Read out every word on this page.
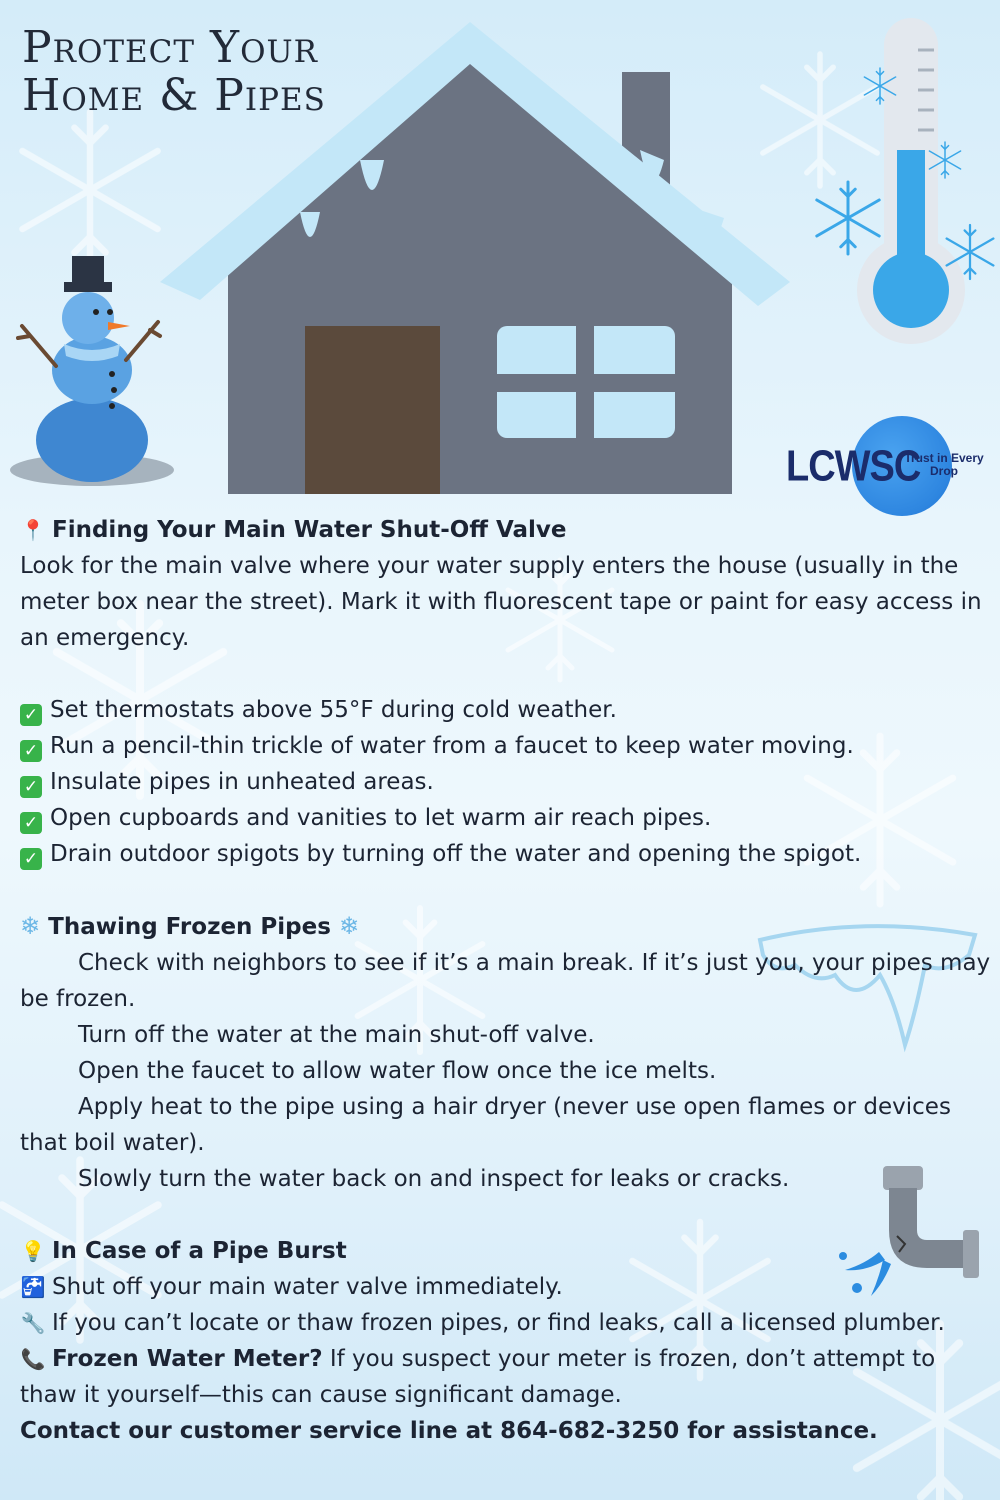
Protect Your
Home & Pipes
LCWSC
Trust in Every Drop

📍 Finding Your Main Water Shut-Off Valve

Look for the main valve where your water supply enters the house (usually in the meter box near the street). Mark it with fluorescent tape or paint for easy access in an emergency.

✓ Set thermostats above 55°F during cold weather.

✓ Run a pencil-thin trickle of water from a faucet to keep water moving.

✓ Insulate pipes in unheated areas.

✓ Open cupboards and vanities to let warm air reach pipes.

✓ Drain outdoor spigots by turning off the water and opening the spigot.

❄ Thawing Frozen Pipes ❄

Check with neighbors to see if it’s a main break. If it’s just you, your pipes may be frozen.

Turn off the water at the main shut-off valve.

Open the faucet to allow water flow once the ice melts.

Apply heat to the pipe using a hair dryer (never use open flames or devices that boil water).

Slowly turn the water back on and inspect for leaks or cracks.

💡 In Case of a Pipe Burst

🚰 Shut off your main water valve immediately.

🔧 If you can’t locate or thaw frozen pipes, or find leaks, call a licensed plumber.

📞 Frozen Water Meter? If you suspect your meter is frozen, don’t attempt to thaw it yourself—this can cause significant damage.

Contact our customer service line at 864-682-3250 for assistance.
